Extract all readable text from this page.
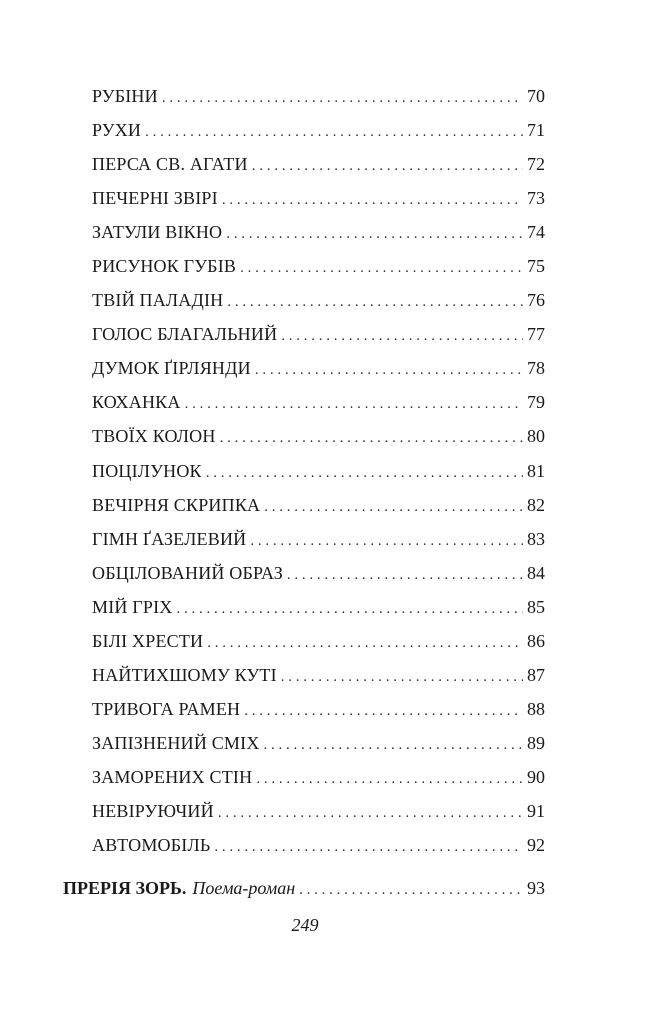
РУБІНИ . . .	70
РУХИ . . .	71
ПЕРСА СВ. АГАТИ . . .	72
ПЕЧЕРНІ ЗВІРІ . . .	73
ЗАТУЛИ ВІКНО . . .	74
РИСУНОК ГУБІВ . . .	75
ТВІЙ ПАЛАДІН . . .	76
ГОЛОС БЛАГАЛЬНИЙ . . .	77
ДУМОК ҐІРЛЯНДИ . . .	78
КОХАНКА . . .	79
ТВОЇХ КОЛОН . . .	80
ПОЦІЛУНОК . . .	81
ВЕЧІРНЯ СКРИПКА . . .	82
ГІМН ҐАЗЕЛЕВИЙ . . .	83
ОБЦІЛОВАНИЙ ОБРАЗ . . .	84
МІЙ ГРІХ . . .	85
БІЛІ ХРЕСТИ . . .	86
НАЙТИХШОМУ КУТІ . . .	87
ТРИВОГА РАМЕН . . .	88
ЗАПІЗНЕНИЙ СМІХ . . .	89
ЗАМОРЕНИХ СТІН . . .	90
НЕВІРУЮЧИЙ . . .	91
АВТОМОБІЛЬ . . .	92
ПРЕРІЯ ЗОРЬ. Поема-роман . . .	93
249
